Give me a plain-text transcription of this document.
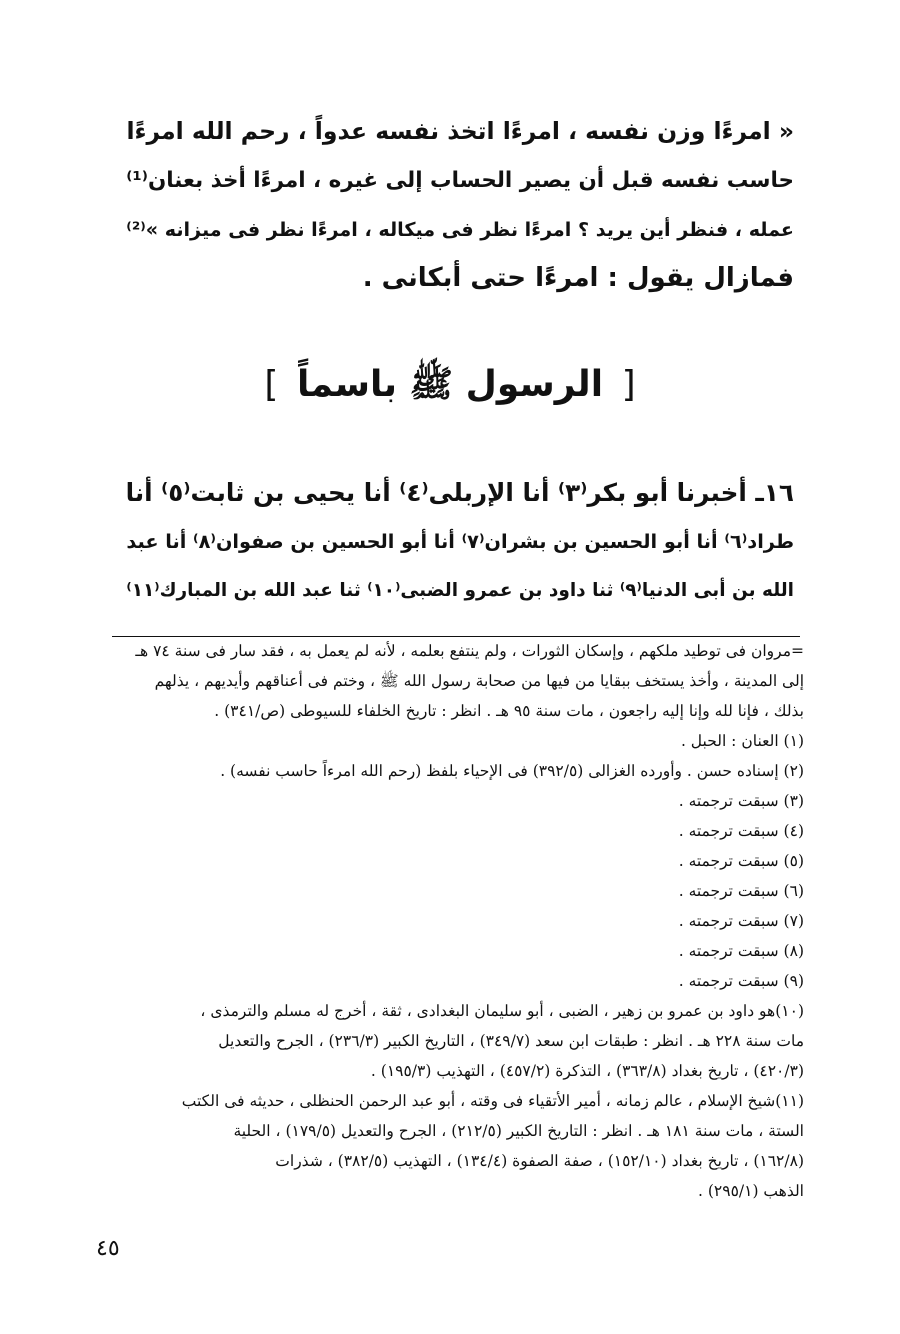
« امرءًا وزن نفسه ، امرءًا اتخذ نفسه عدواً ، رحم الله امرءًا
حاسب نفسه قبل أن يصير الحساب إلى غيره ، امرءًا أخذ بعنان⁽¹⁾
عمله ، فنظر أين يريد ؟ امرءًا نظر فى ميكاله ، امرءًا نظر فى ميزانه »⁽²⁾
فمازال يقول : امرءًا حتى أبكانى .
[ الرسول ﷺ باسماً ]
١٦ـ أخبرنا أبو بكر⁽٣⁾ أنا الإربلى⁽٤⁾ أنا يحيى بن ثابت⁽٥⁾ أنا
طراد⁽٦⁾ أنا أبو الحسين بن بشران⁽٧⁾ أنا أبو الحسين بن صفوان⁽٨⁾ أنا عبد
الله بن أبى الدنيا⁽٩⁾ ثنا داود بن عمرو الضبى⁽١٠⁾ ثنا عبد الله بن المبارك⁽١١⁾
=مروان فى توطيد ملكهم ، وإسكان الثورات ، ولم ينتفع بعلمه ، لأنه لم يعمل به ، فقد سار فى سنة ٧٤ هـ
إلى المدينة ، وأخذ يستخف ببقايا من فيها من صحابة رسول الله ﷺ ، وختم فى أعناقهم وأيديهم ، يذلهم
بذلك ، فإنا لله وإنا إليه راجعون ، مات سنة ٩٥ هـ . انظر : تاريخ الخلفاء للسيوطى (ص/٣٤١) .
(١) العنان : الحبل .
(٢) إسناده حسن . وأورده الغزالى (٣٩٢/٥) فى الإحياء بلفظ (رحم الله امرءاً حاسب نفسه) .
(٣) سبقت ترجمته .
(٤) سبقت ترجمته .
(٥) سبقت ترجمته .
(٦) سبقت ترجمته .
(٧) سبقت ترجمته .
(٨) سبقت ترجمته .
(٩) سبقت ترجمته .
(١٠)هو داود بن عمرو بن زهير ، الضبى ، أبو سليمان البغدادى ، ثقة ، أخرج له مسلم والترمذى ،
مات سنة ٢٢٨ هـ . انظر : طبقات ابن سعد (٣٤٩/٧) ، التاريخ الكبير (٢٣٦/٣) ، الجرح والتعديل
(٤٢٠/٣) ، تاريخ بغداد (٣٦٣/٨) ، التذكرة (٤٥٧/٢) ، التهذيب (١٩٥/٣) .
(١١)شيخ الإسلام ، عالم زمانه ، أمير الأتقياء فى وقته ، أبو عبد الرحمن الحنظلى ، حديثه فى الكتب
الستة ، مات سنة ١٨١ هـ . انظر : التاريخ الكبير (٢١٢/٥) ، الجرح والتعديل (١٧٩/٥) ، الحلية
(١٦٢/٨) ، تاريخ بغداد (١٥٢/١٠) ، صفة الصفوة (١٣٤/٤) ، التهذيب (٣٨٢/٥) ، شذرات
الذهب (٢٩٥/١) .
٤٥
